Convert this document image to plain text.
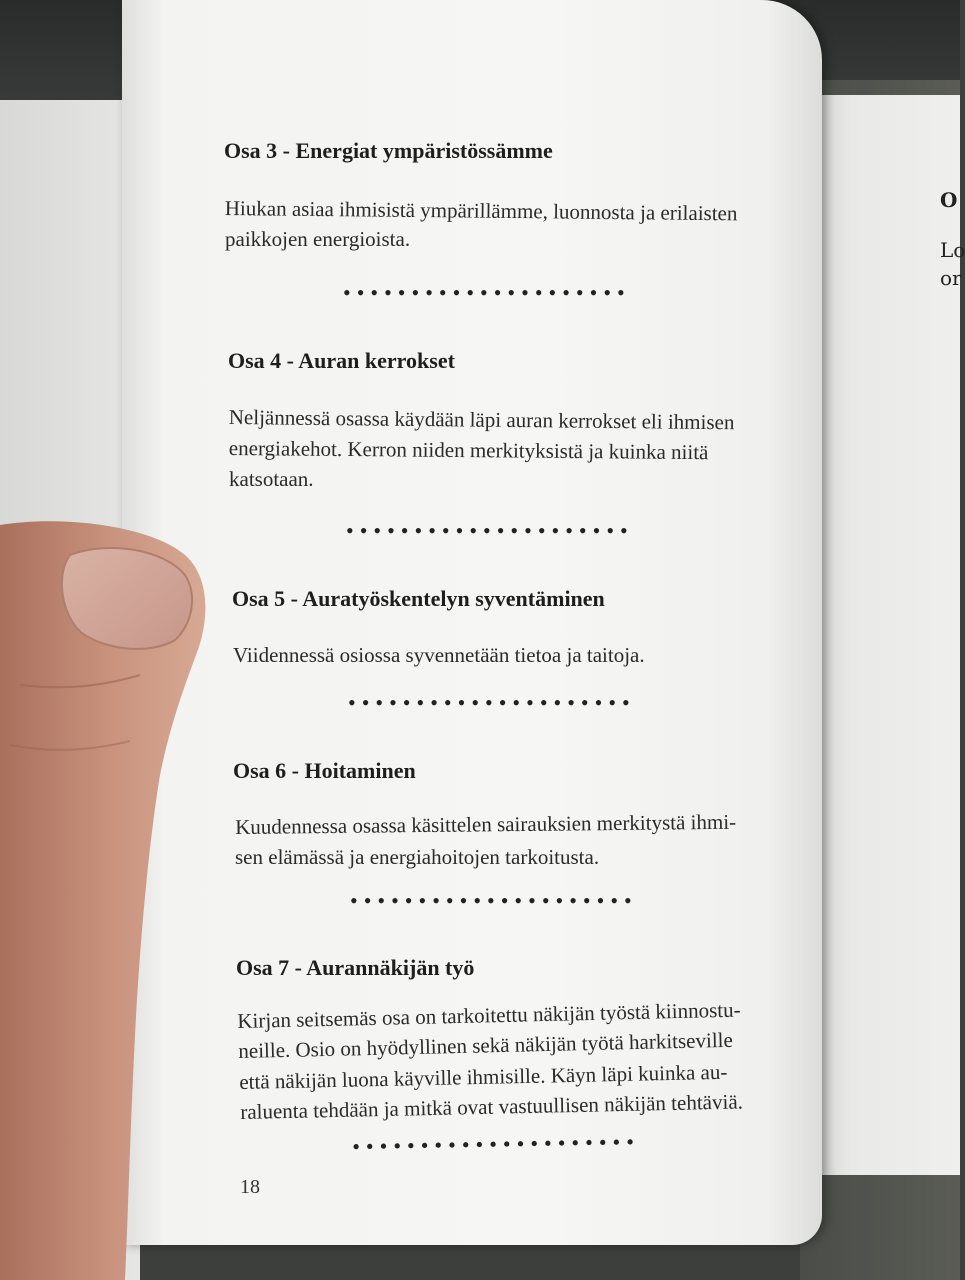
O
Lo
or
Osa 3 - Energiat ympäristössämme
Hiukan asiaa ihmisistä ympärillämme, luonnosta ja erilaisten
paikkojen energioista.
•••••••••••••••••••••
Osa 4 - Auran kerrokset
Neljännessä osassa käydään läpi auran kerrokset eli ihmisen
energiakehot. Kerron niiden merkityksistä ja kuinka niitä
katsotaan.
•••••••••••••••••••••
Osa 5 - Auratyöskentelyn syventäminen
Viidennessä osiossa syvennetään tietoa ja taitoja.
•••••••••••••••••••••
Osa 6 - Hoitaminen
Kuudennessa osassa käsittelen sairauksien merkitystä ihmi-
sen elämässä ja energiahoitojen tarkoitusta.
•••••••••••••••••••••
Osa 7 - Aurannäkijän työ
Kirjan seitsemäs osa on tarkoitettu näkijän työstä kiinnostu-
neille. Osio on hyödyllinen sekä näkijän työtä harkitseville
että näkijän luona käyville ihmisille. Käyn läpi kuinka au-
raluenta tehdään ja mitkä ovat vastuullisen näkijän tehtäviä.
•••••••••••••••••••••
18
